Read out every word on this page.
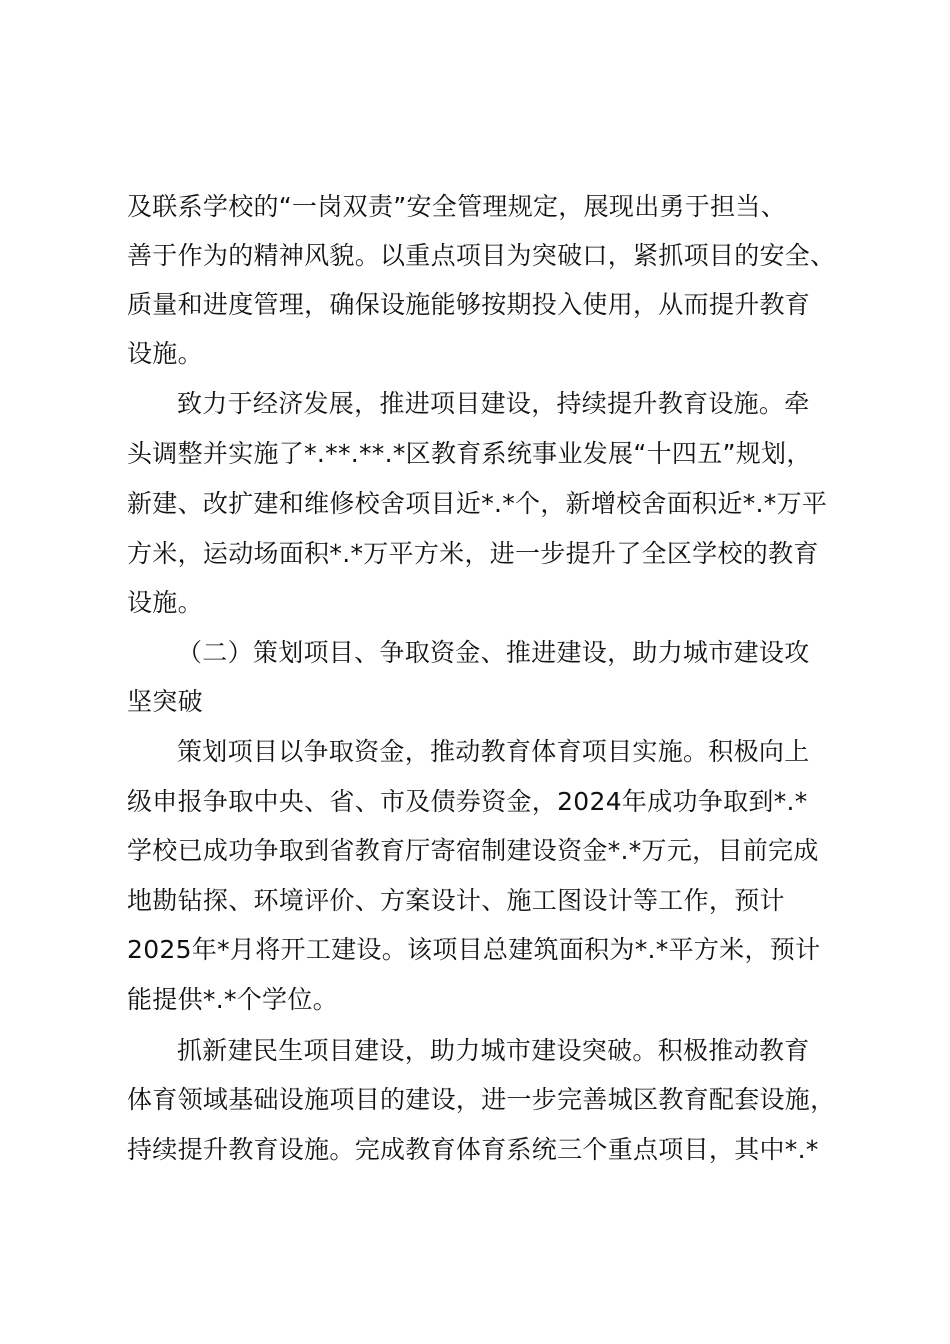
及联系学校的“一岗双责”安全管理规定，展现出勇于担当、
善于作为的精神风貌。以重点项目为突破口，紧抓项目的安全、
质量和进度管理，确保设施能够按期投入使用，从而提升教育
设施。
致力于经济发展，推进项目建设，持续提升教育设施。牵
头调整并实施了*.**.**.*区教育系统事业发展“十四五”规划，
新建、改扩建和维修校舍项目近*.*个，新增校舍面积近*.*万平
方米，运动场面积*.*万平方米，进一步提升了全区学校的教育
设施。
（二）策划项目、争取资金、推进建设，助力城市建设攻
坚突破
策划项目以争取资金，推动教育体育项目实施。积极向上
级申报争取中央、省、市及债券资金，2024年成功争取到*.*
学校已成功争取到省教育厅寄宿制建设资金*.*万元，目前完成
地勘钻探、环境评价、方案设计、施工图设计等工作，预计
2025年*月将开工建设。该项目总建筑面积为*.*平方米，预计
能提供*.*个学位。
抓新建民生项目建设，助力城市建设突破。积极推动教育
体育领域基础设施项目的建设，进一步完善城区教育配套设施，
持续提升教育设施。完成教育体育系统三个重点项目，其中*.*
